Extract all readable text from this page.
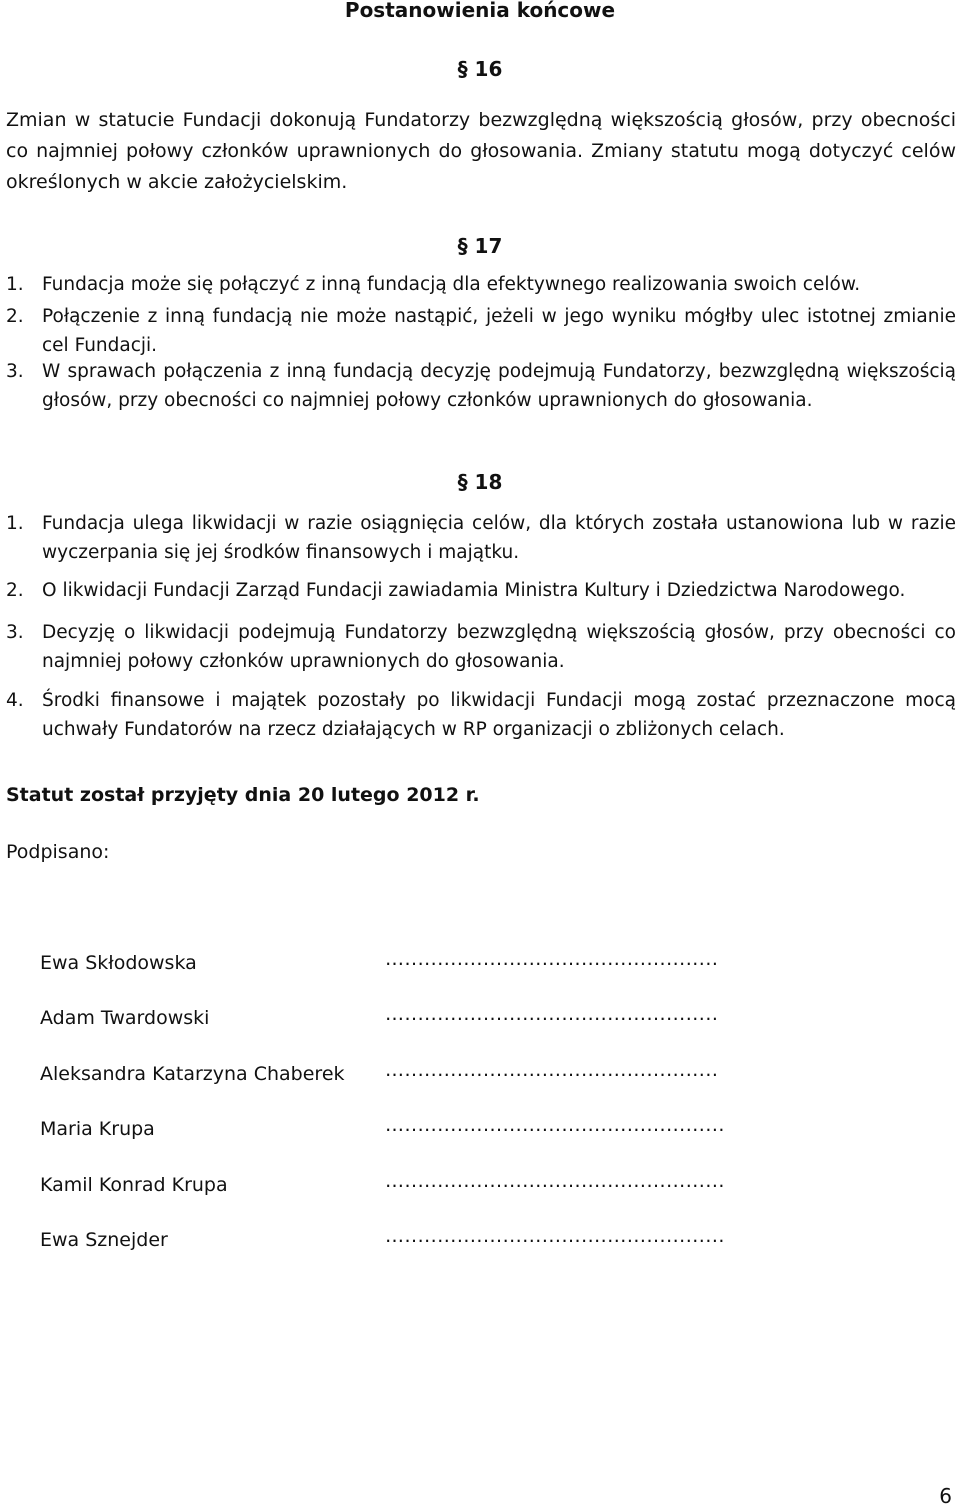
Postanowienia końcowe
§ 16
Zmian w statucie Fundacji dokonują Fundatorzy bezwzględną większością głosów, przy obecności co najmniej połowy członków uprawnionych do głosowania. Zmiany statutu mogą dotyczyć celów określonych w akcie założycielskim.
§ 17
1. Fundacja może się połączyć z inną fundacją dla efektywnego realizowania swoich celów.
2. Połączenie z inną fundacją nie może nastąpić, jeżeli w jego wyniku mógłby ulec istotnej zmianie cel Fundacji.
3. W sprawach połączenia z inną fundacją decyzję podejmują Fundatorzy, bezwzględną większością głosów, przy obecności co najmniej połowy członków uprawnionych do głosowania.
§ 18
1. Fundacja ulega likwidacji w razie osiągnięcia celów, dla których została ustanowiona lub w razie wyczerpania się jej środków finansowych i majątku.
2. O likwidacji Fundacji Zarząd Fundacji zawiadamia Ministra Kultury i Dziedzictwa Narodowego.
3. Decyzję o likwidacji podejmują Fundatorzy bezwzględną większością głosów, przy obecności co najmniej połowy członków uprawnionych do głosowania.
4. Środki finansowe i majątek pozostały po likwidacji Fundacji mogą zostać przeznaczone mocą uchwały Fundatorów na rzecz działających w RP organizacji o zbliżonych celach.
Statut został przyjęty dnia 20 lutego 2012 r.
Podpisano:
Ewa Skłodowska	…................................................
Adam Twardowski	…................................................
Aleksandra Katarzyna Chaberek …................................................
Maria Krupa	….................................................
Kamil Konrad Krupa	….................................................
Ewa Sznejder	….................................................
6
